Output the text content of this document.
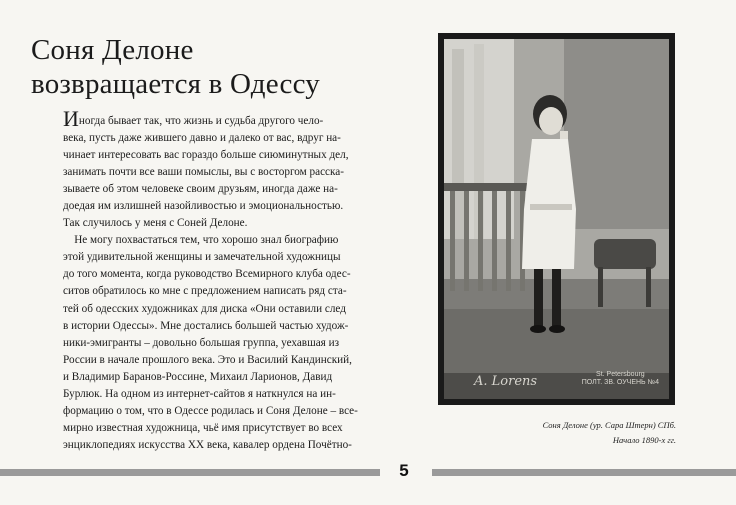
Соня Делоне
возвращается в Одессу

Иногда бывает так, что жизнь и судьба другого чело-

века, пусть даже жившего давно и далеко от вас, вдруг на-

чинает интересовать вас гораздо больше сиюминутных дел,

занимать почти все ваши помыслы, вы с восторгом расска-

зываете об этом человеке своим друзьям, иногда даже на-

доедая им излишней назойливостью и эмоциональностью.

Так случилось у меня с Соней Делоне.

Не могу похвастаться тем, что хорошо знал биографию

этой удивительной женщины и замечательной художницы

до того момента, когда руководство Всемирного клуба одес-

ситов обратилось ко мне с предложением написать ряд ста-

тей об одесских художниках для диска «Они оставили след

в истории Одессы». Мне достались большей частью худож-

ники-эмигранты – довольно большая группа, уехавшая из

России в начале прошлого века. Это и Василий Кандинский,

и Владимир Баранов-Россине, Михаил Ларионов, Давид

Бурлюк. На одном из интернет-сайтов я наткнулся на ин-

формацию о том, что в Одессе родилась и Соня Делоне – все-

мирно известная художница, чьё имя присутствует во всех

энциклопедиях искусства XX века, кавалер ордена Почётно-

A. Lorens	St. Petersbourg
ПОЛТ. ЗВ. ОУЧЕНЬ №4
Соня Делоне (ур. Сара Штерн) СПб.
Начало 1890-х гг.
5
